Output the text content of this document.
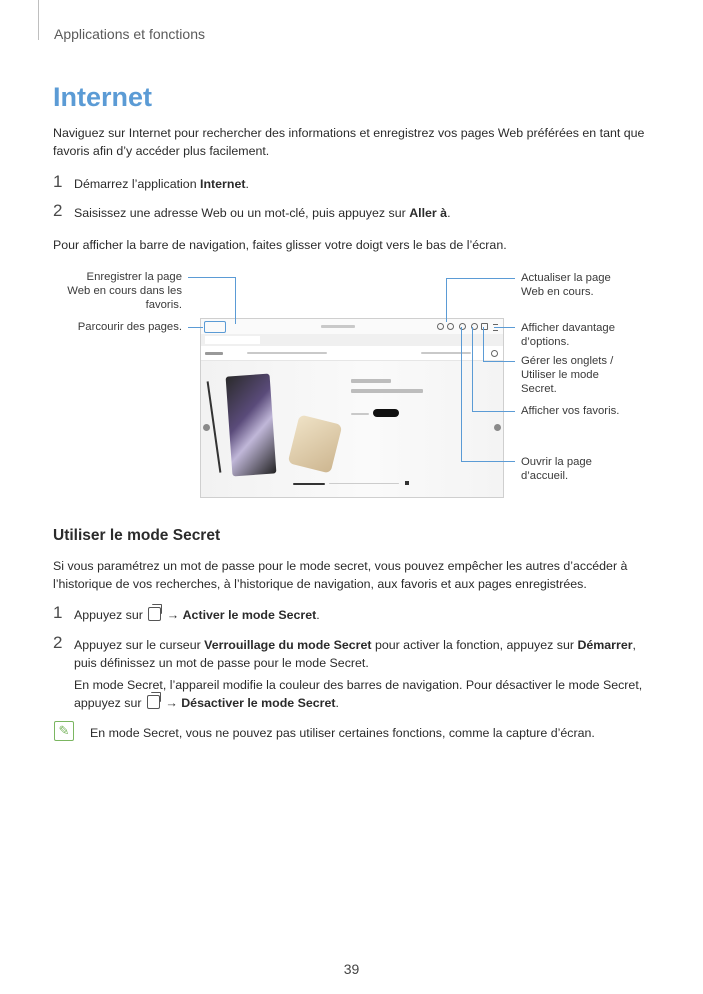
Applications et fonctions
Internet
Naviguez sur Internet pour rechercher des informations et enregistrez vos pages Web préférées en tant que favoris afin d’y accéder plus facilement.
1 Démarrez l’application Internet.
2 Saisissez une adresse Web ou un mot-clé, puis appuyez sur Aller à.
Pour afficher la barre de navigation, faites glisser votre doigt vers le bas de l’écran.
Enregistrer la page Web en cours dans les favoris.
Parcourir des pages.
Actualiser la page Web en cours.
Afficher davantage d’options.
Gérer les onglets / Utiliser le mode Secret.
Afficher vos favoris.
Ouvrir la page d’accueil.
Utiliser le mode Secret
Si vous paramétrez un mot de passe pour le mode secret, vous pouvez empêcher les autres d’accéder à l’historique de vos recherches, à l’historique de navigation, aux favoris et aux pages enregistrées.
1 Appuyez sur  → Activer le mode Secret.
2 Appuyez sur le curseur Verrouillage du mode Secret pour activer la fonction, appuyez sur Démarrer,
puis définissez un mot de passe pour le mode Secret.
En mode Secret, l’appareil modifie la couleur des barres de navigation. Pour désactiver le mode Secret,
appuyez sur  → Désactiver le mode Secret.
✎	En mode Secret, vous ne pouvez pas utiliser certaines fonctions, comme la capture d’écran.
39
